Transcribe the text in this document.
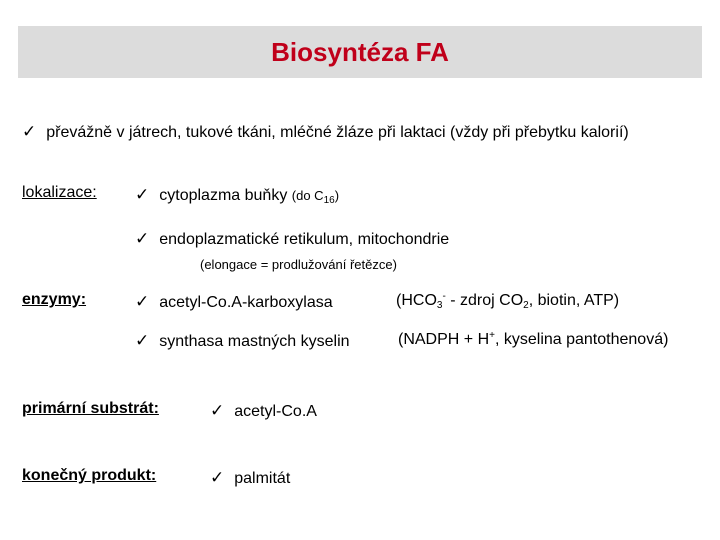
Biosyntéza FA
✓ převážně v játrech, tukové tkáni, mléčné žláze při laktaci (vždy při přebytku kalorií)
lokalizace: ✓ cytoplazma buňky (do $C_{16}$)
✓ endoplazmatické retikulum, mitochondrie
(elongace = prodlužování řetězce)
enzymy:	✓ acetyl-Co.A-karboxylasa	($HCO_3^-$ - zdroj $CO_2$, biotin, ATP)
✓ synthasa mastných kyselin	(NADPH + H+, kyselina pantothenová)
primární substrát:	✓ acetyl-Co.A
konečný produkt:	✓ palmitát
